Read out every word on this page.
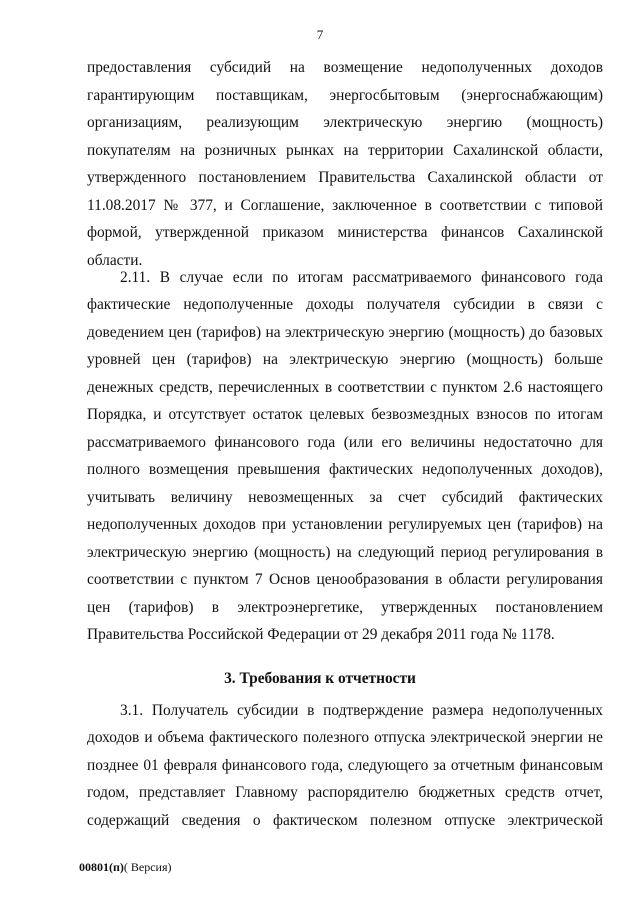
7
предоставления субсидий на возмещение недополученных доходов
гарантирующим поставщикам, энергосбытовым (энергоснабжающим)
организациям, реализующим электрическую энергию (мощность)
покупателям на розничных рынках на территории Сахалинской области,
утвержденного постановлением Правительства Сахалинской области от
11.08.2017 № 377, и Соглашение, заключенное в соответствии с типовой
формой, утвержденной приказом министерства финансов Сахалинской
области.
2.11. В случае если по итогам рассматриваемого финансового года
фактические недополученные доходы получателя субсидии в связи с
доведением цен (тарифов) на электрическую энергию (мощность) до базовых
уровней цен (тарифов) на электрическую энергию (мощность) больше
денежных средств, перечисленных в соответствии с пунктом 2.6 настоящего
Порядка, и отсутствует остаток целевых безвозмездных взносов по итогам
рассматриваемого финансового года (или его величины недостаточно для
полного возмещения превышения фактических недополученных доходов),
учитывать величину невозмещенных за счет субсидий фактических
недополученных доходов при установлении регулируемых цен (тарифов) на
электрическую энергию (мощность) на следующий период регулирования в
соответствии с пунктом 7 Основ ценообразования в области регулирования
цен (тарифов) в электроэнергетике, утвержденных постановлением
Правительства Российской Федерации от 29 декабря 2011 года № 1178.
3. Требования к отчетности
3.1. Получатель субсидии в подтверждение размера недополученных
доходов и объема фактического полезного отпуска электрической энергии не
позднее 01 февраля финансового года, следующего за отчетным финансовым
годом, представляет Главному распорядителю бюджетных средств отчет,
содержащий сведения о фактическом полезном отпуске электрической
00801(п)( Версия)
